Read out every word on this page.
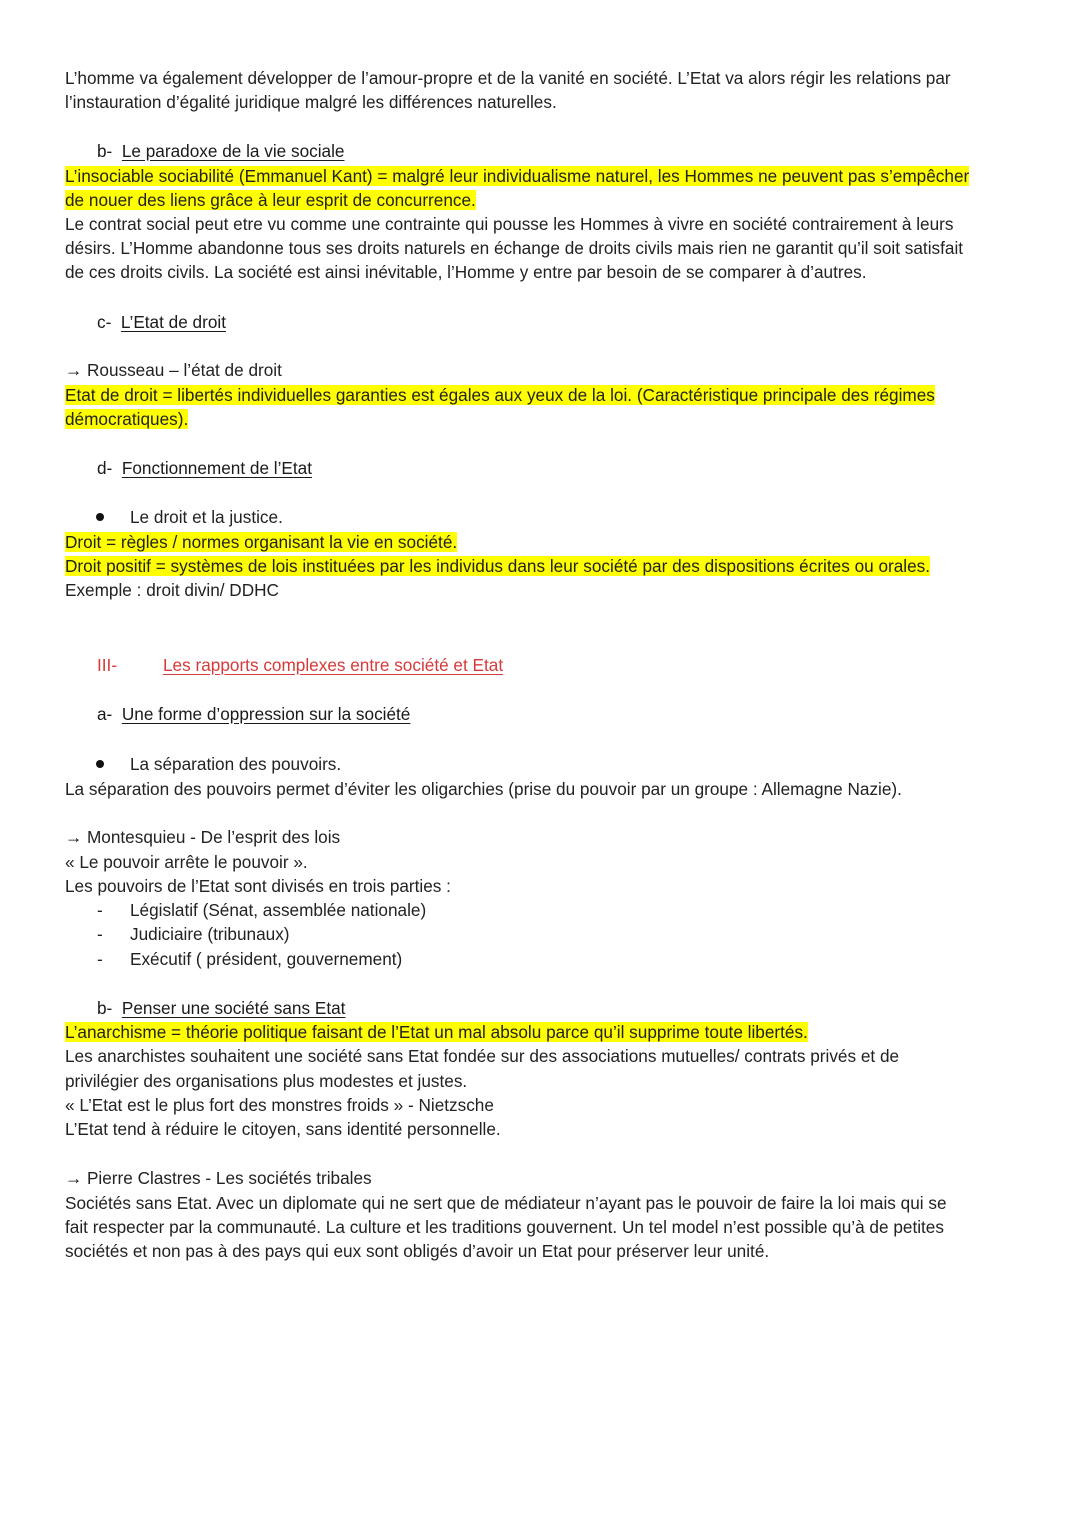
L’homme va également développer de l’amour-propre et de la vanité en société. L’Etat va alors régir les relations par
l’instauration d’égalité juridique malgré les différences naturelles.
b- Le paradoxe de la vie sociale
L’insociable sociabilité (Emmanuel Kant) = malgré leur individualisme naturel, les Hommes ne peuvent pas s’empêcher
de nouer des liens grâce à leur esprit de concurrence.
Le contrat social peut etre vu comme une contrainte qui pousse les Hommes à vivre en société contrairement à leurs
désirs. L’Homme abandonne tous ses droits naturels en échange de droits civils mais rien ne garantit qu’il soit satisfait
de ces droits civils. La société est ainsi inévitable, l’Homme y entre par besoin de se comparer à d’autres.
c- L’Etat de droit
→ Rousseau – l’état de droit
Etat de droit = libertés individuelles garanties est égales aux yeux de la loi. (Caractéristique principale des régimes
démocratiques).
d- Fonctionnement de l’Etat
Le droit et la justice.
Droit = règles / normes organisant la vie en société.
Droit positif = systèmes de lois instituées par les individus dans leur société par des dispositions écrites ou orales.
Exemple : droit divin/ DDHC
III-	Les rapports complexes entre société et Etat
a- Une forme d’oppression sur la société
La séparation des pouvoirs.
La séparation des pouvoirs permet d’éviter les oligarchies (prise du pouvoir par un groupe : Allemagne Nazie).
→ Montesquieu - De l’esprit des lois
« Le pouvoir arrête le pouvoir ».
Les pouvoirs de l’Etat sont divisés en trois parties :
- Législatif (Sénat, assemblée nationale)
- Judiciaire (tribunaux)
- Exécutif ( président, gouvernement)
b- Penser une société sans Etat
L’anarchisme = théorie politique faisant de l’Etat un mal absolu parce qu’il supprime toute libertés.
Les anarchistes souhaitent une société sans Etat fondée sur des associations mutuelles/ contrats privés et de
privilégier des organisations plus modestes et justes.
« L’Etat est le plus fort des monstres froids » - Nietzsche
L’Etat tend à réduire le citoyen, sans identité personnelle.
→ Pierre Clastres - Les sociétés tribales
Sociétés sans Etat. Avec un diplomate qui ne sert que de médiateur n’ayant pas le pouvoir de faire la loi mais qui se
fait respecter par la communauté. La culture et les traditions gouvernent. Un tel model n’est possible qu’à de petites
sociétés et non pas à des pays qui eux sont obligés d’avoir un Etat pour préserver leur unité.
